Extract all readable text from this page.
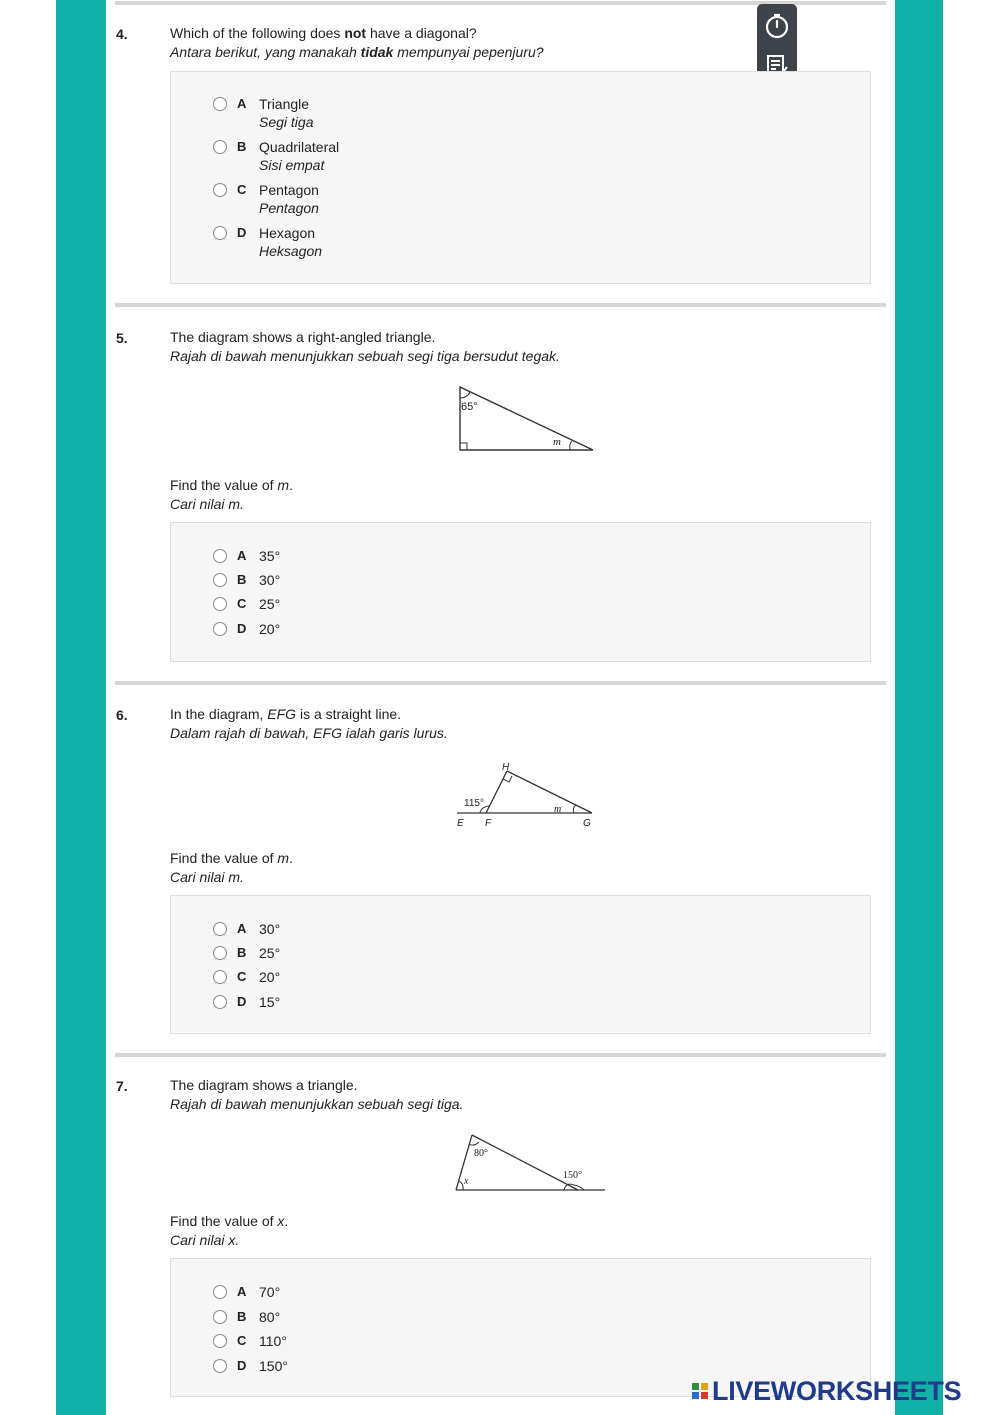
4.	Which of the following does not have a diagonal?
Antara berikut, yang manakah tidak mempunyai pepenjuru?
A Triangle
Segi tiga
B Quadrilateral
Sisi empat
C Pentagon
Pentagon
D Hexagon
Heksagon
5.	The diagram shows a right-angled triangle.
Rajah di bawah menunjukkan sebuah segi tiga bersudut tegak.
65°
m
Find the value of m.
Cari nilai m.
A 35°
B 30°
C 25°
D 20°
6.	In the diagram, EFG is a straight line.
Dalam rajah di bawah, EFG ialah garis lurus.
H
115°
m
E F	G
Find the value of m.
Cari nilai m.
A 30°
B 25°
C 20°
D 15°
7.	The diagram shows a triangle.
Rajah di bawah menunjukkan sebuah segi tiga.
80°
x
150°
Find the value of x.
Cari nilai x.
A 70°
B 80°
C 110°
D 150°
LIVEWORKSHEETS
